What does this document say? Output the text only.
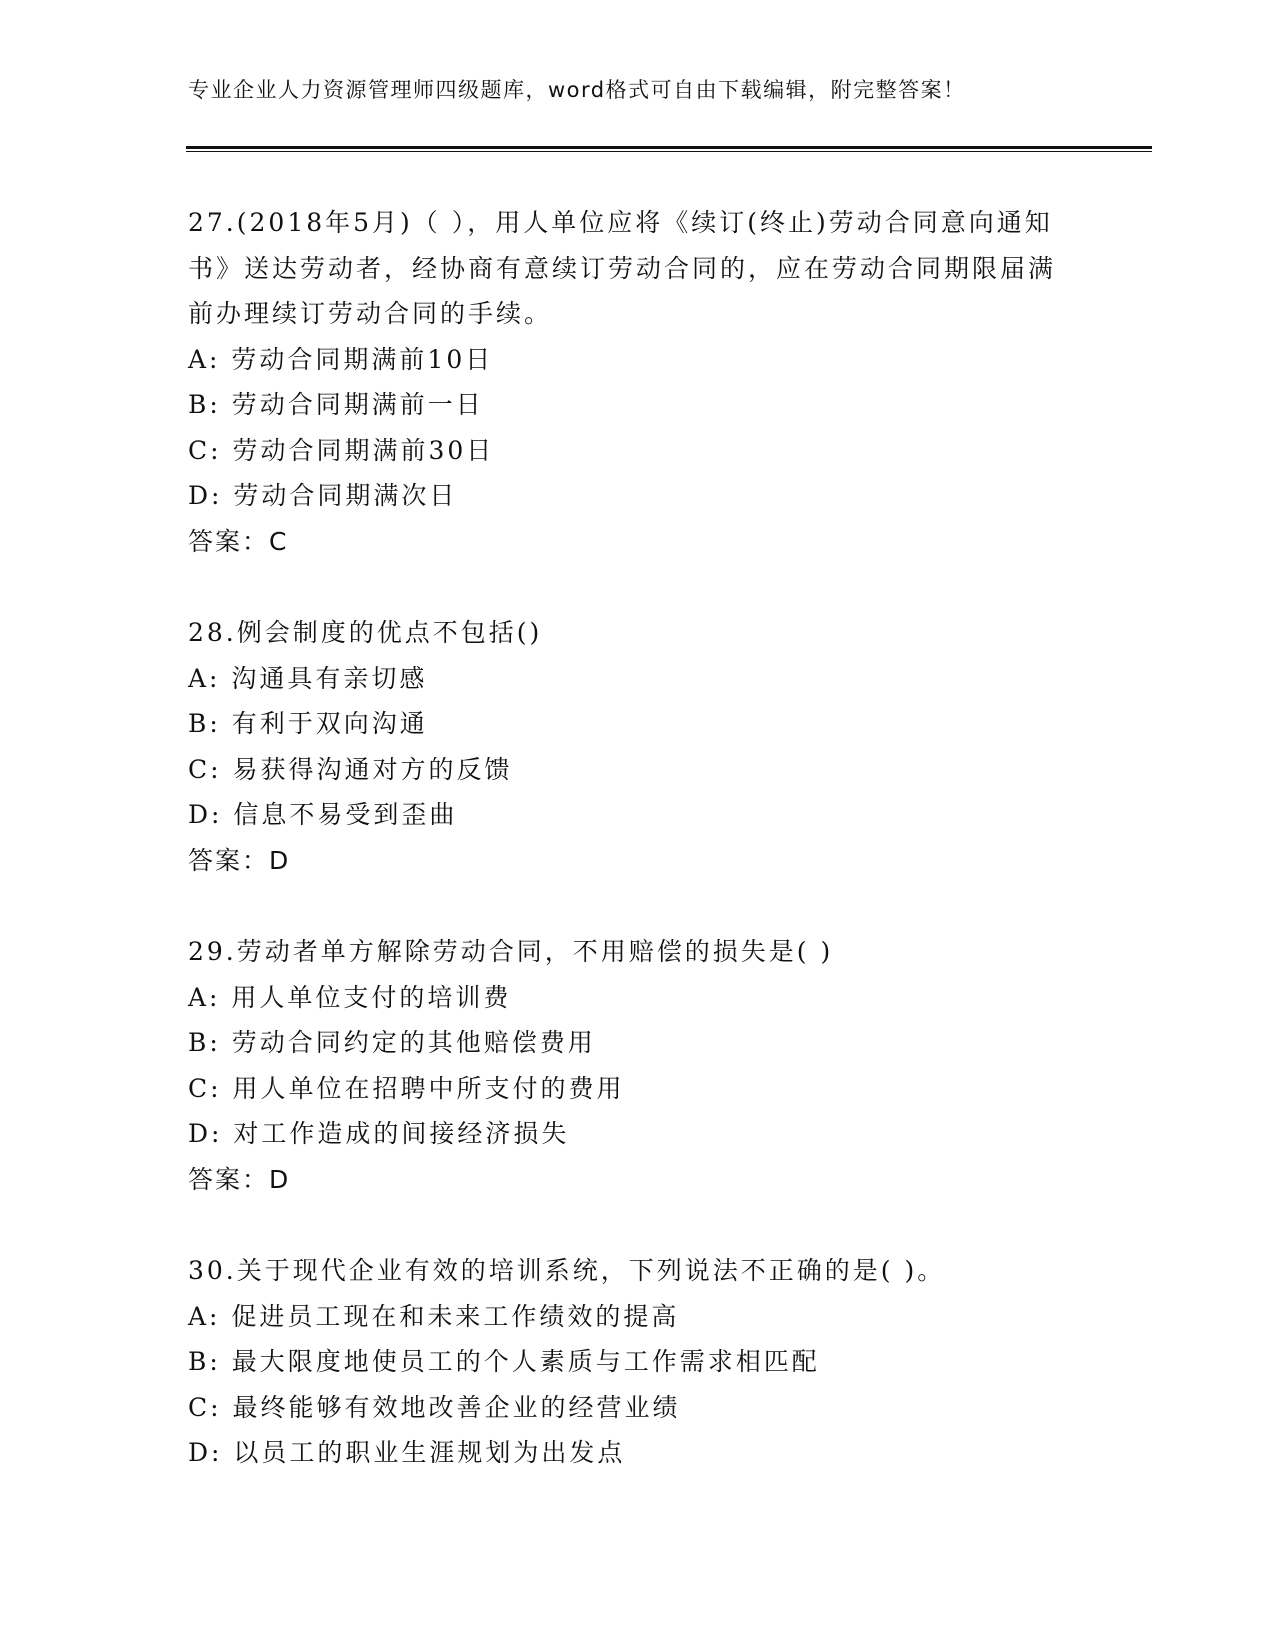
专业企业人力资源管理师四级题库，word格式可自由下载编辑，附完整答案！

27.(2018年5月)（ ），用人单位应将《续订(终止)劳动合同意向通知书》送达劳动者，经协商有意续订劳动合同的，应在劳动合同期限届满前办理续订劳动合同的手续。

A: 劳动合同期满前10日

B: 劳动合同期满前一日

C: 劳动合同期满前30日

D: 劳动合同期满次日

答案：C

28.例会制度的优点不包括()

A: 沟通具有亲切感

B: 有利于双向沟通

C: 易获得沟通对方的反馈

D: 信息不易受到歪曲

答案：D

29.劳动者单方解除劳动合同，不用赔偿的损失是( )

A: 用人单位支付的培训费

B: 劳动合同约定的其他赔偿费用

C: 用人单位在招聘中所支付的费用

D: 对工作造成的间接经济损失

答案：D

30.关于现代企业有效的培训系统，下列说法不正确的是( )。

A: 促进员工现在和未来工作绩效的提高

B: 最大限度地使员工的个人素质与工作需求相匹配

C: 最终能够有效地改善企业的经营业绩

D: 以员工的职业生涯规划为出发点
